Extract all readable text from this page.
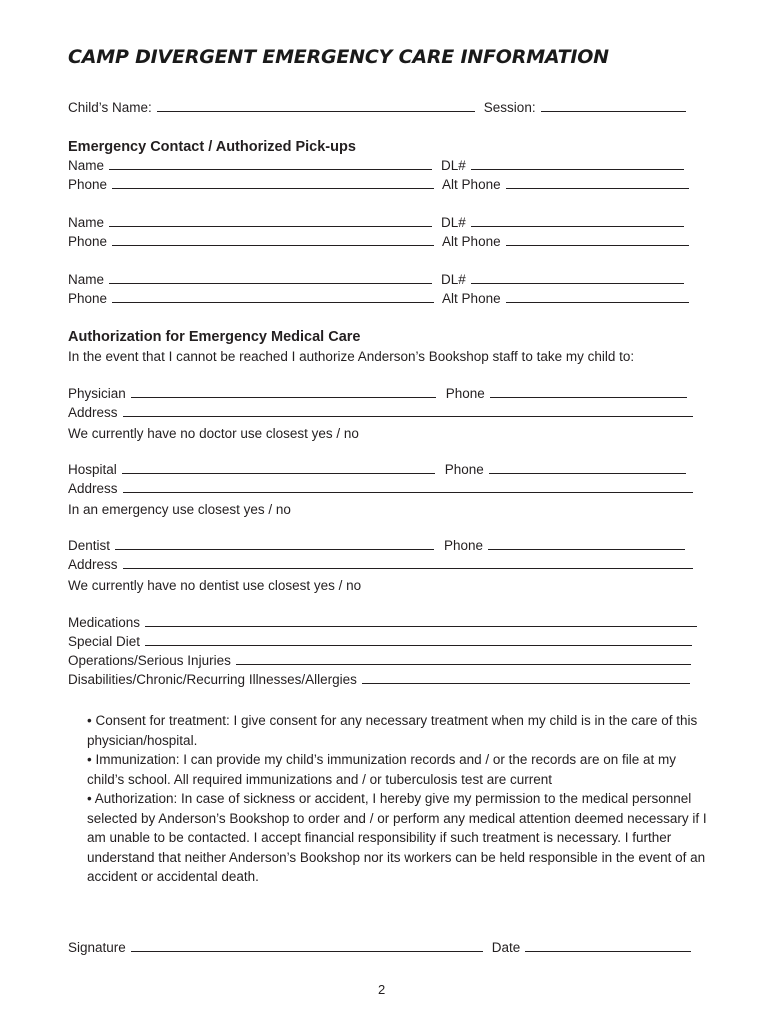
CAMP DIVERGENT EMERGENCY CARE INFORMATION
Child’s Name:	Session:
Emergency Contact / Authorized Pick-ups
Name	DL#
Phone	Alt Phone
Name	DL#
Phone	Alt Phone
Name	DL#
Phone	Alt Phone
Authorization for Emergency Medical Care
In the event that I cannot be reached I authorize Anderson’s Bookshop staff to take my child to:
Physician	Phone
Address
We currently have no doctor use closest yes / no
Hospital	Phone
Address
In an emergency use closest yes / no
Dentist	Phone
Address
We currently have no dentist use closest yes / no
Medications
Special Diet
Operations/Serious Injuries
Disabilities/Chronic/Recurring Illnesses/Allergies

• Consent for treatment: I give consent for any necessary treatment when my child is in the care of this physician/hospital.

• Immunization: I can provide my child’s immunization records and / or the records are on file at my child’s school. All required immunizations and / or tuberculosis test are current

• Authorization: In case of sickness or accident, I hereby give my permission to the medical personnel selected by Anderson’s Bookshop to order and / or perform any medical attention deemed necessary if I am unable to be contacted. I accept financial responsibility if such treatment is necessary. I further understand that neither Anderson’s Bookshop nor its workers can be held responsible in the event of an accident or accidental death.

Signature	Date
2
